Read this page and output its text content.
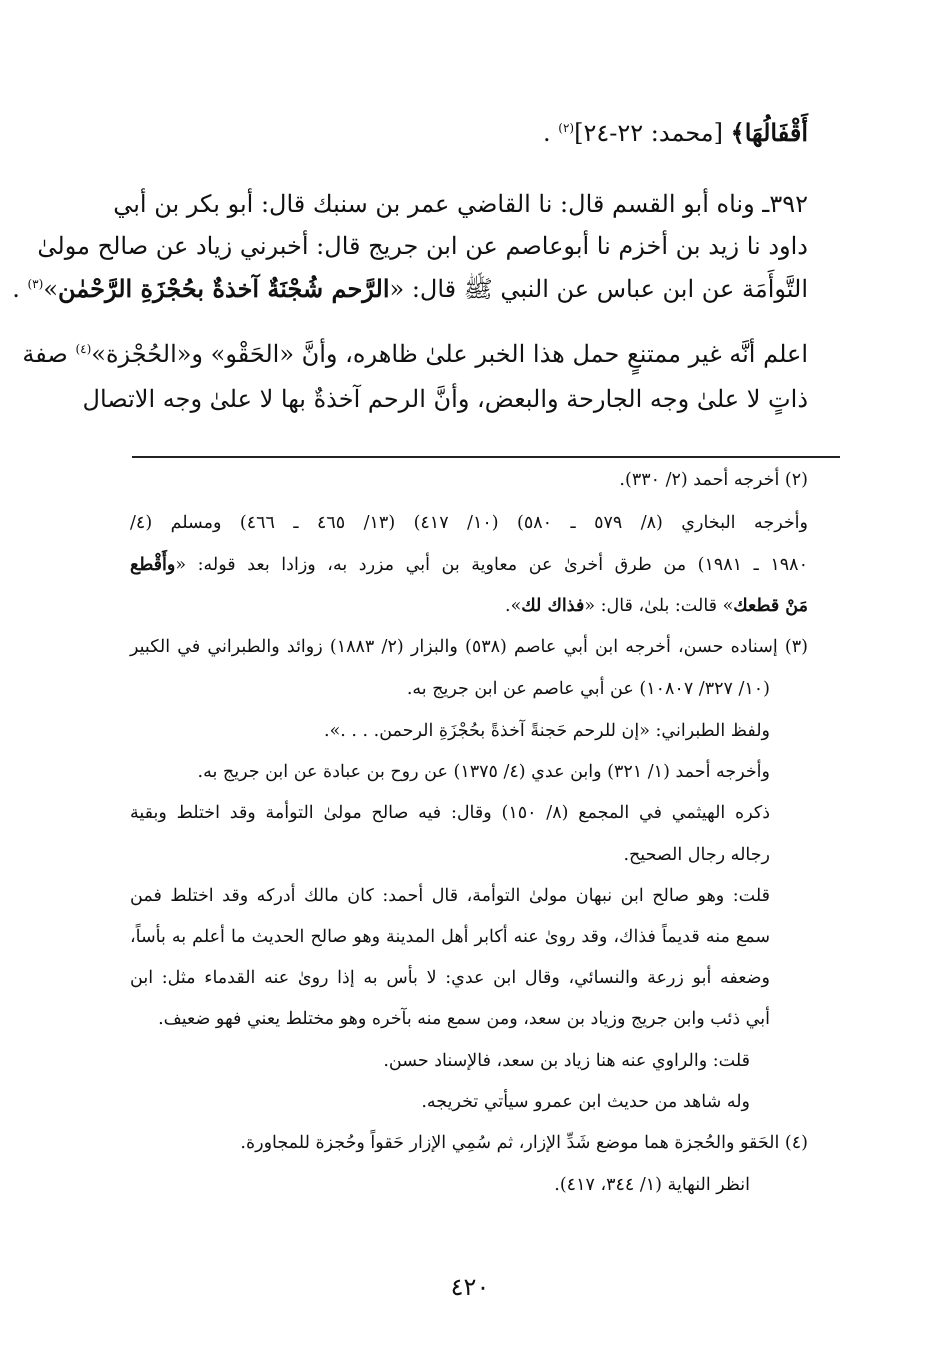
أَقْفَالُهَا﴾ [محمد: ٢٢-٢٤]$^{(٢)}$ .
٣٩٢ـ وناه أبو القسم قال: نا القاضي عمر بن سنبك قال: أبو بكر بن أبي
داود نا زيد بن أخزم نا أبوعاصم عن ابن جريج قال: أخبرني زياد عن صالح مولىٰ
التَّوأَمَة عن ابن عباس عن النبي ﷺ قال: «الرَّحم شُجْنَةٌ آخذةٌ بحُجْزَةِ الرَّحْمٰن»$^{(٣)}$ .
اعلم أنَّه غير ممتنعٍ حمل هذا الخبر علىٰ ظاهره، وأنَّ «الحَقْو» و«الحُجْزة»$^{(٤)}$ صفة
ذاتٍ لا علىٰ وجه الجارحة والبعض، وأنَّ الرحم آخذةٌ بها لا علىٰ وجه الاتصال
(٢) أخرجه أحمد (٢/ ٣٣٠).
وأخرجه البخاري (٨/ ٥٧٩ ـ ٥٨٠) (١٠/ ٤١٧) (١٣/ ٤٦٥ ـ ٤٦٦) ومسلم (٤/
١٩٨٠ ـ ١٩٨١) من طرق أخرىٰ عن معاوية بن أبي مزرد به، وزادا بعد قوله: «وأَقْطع
مَنْ قطعك» قالت: بلىٰ، قال: «فذاك لك».
(٣) إسناده حسن، أخرجه ابن أبي عاصم (٥٣٨) والبزار (٢/ ١٨٨٣) زوائد والطبراني في الكبير
(١٠/ ٣٢٧/ ١٠٨٠٧) عن أبي عاصم عن ابن جريج به.
ولفظ الطبراني: «إن للرحم حَجنةً آخذةً بحُجْزَةِ الرحمن. . . .».
وأخرجه أحمد (١/ ٣٢١) وابن عدي (٤/ ١٣٧٥) عن روح بن عبادة عن ابن جريج به.
ذكره الهيثمي في المجمع (٨/ ١٥٠) وقال: فيه صالح مولىٰ التوأمة وقد اختلط وبقية
رجاله رجال الصحيح.
قلت: وهو صالح ابن نبهان مولىٰ التوأمة، قال أحمد: كان مالك أدركه وقد اختلط فمن
سمع منه قديماً فذاك، وقد روىٰ عنه أكابر أهل المدينة وهو صالح الحديث ما أعلم به بأساً،
وضعفه أبو زرعة والنسائي، وقال ابن عدي: لا بأس به إذا روىٰ عنه القدماء مثل: ابن
أبي ذئب وابن جريج وزياد بن سعد، ومن سمع منه بآخره وهو مختلط يعني فهو ضعيف.
قلت: والراوي عنه هنا زياد بن سعد، فالإسناد حسن.
وله شاهد من حديث ابن عمرو سيأتي تخريجه.
(٤) الحَقو والحُجزة هما موضع شَدِّ الإزار، ثم سُمِي الإزار حَقواً وحُجزة للمجاورة.
انظر النهاية (١/ ٣٤٤، ٤١٧).
٤٢٠
